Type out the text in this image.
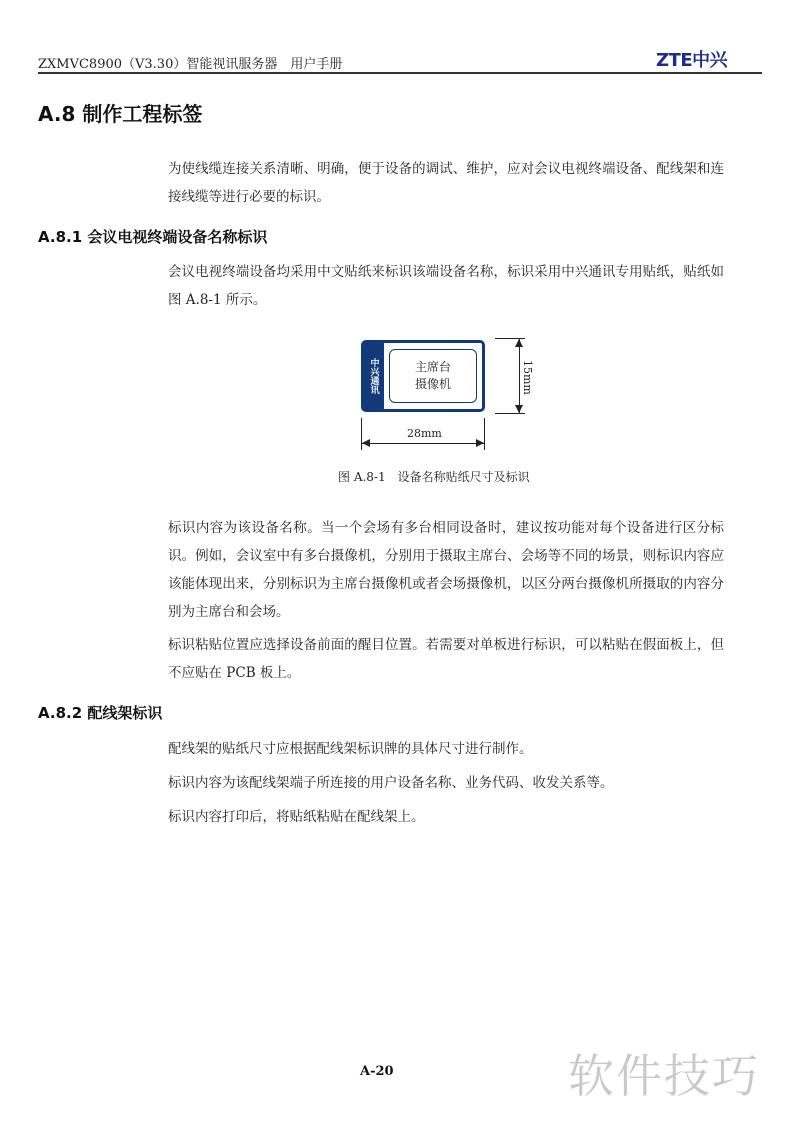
ZXMVC8900（V3.30）智能视讯服务器　用户手册	ZTE中兴
A.8 制作工程标签
为使线缆连接关系清晰、明确，便于设备的调试、维护，应对会议电视终端设备、配线架和连接线缆等进行必要的标识。
A.8.1 会议电视终端设备名称标识
会议电视终端设备均采用中文贴纸来标识该端设备名称，标识采用中兴通讯专用贴纸，贴纸如图 A.8-1 所示。
中兴通讯	主席台
摄像机	15mm
28mm
图 A.8-1　设备名称贴纸尺寸及标识
标识内容为该设备名称。当一个会场有多台相同设备时，建议按功能对每个设备进行区分标识。例如，会议室中有多台摄像机，分别用于摄取主席台、会场等不同的场景，则标识内容应该能体现出来，分别标识为主席台摄像机或者会场摄像机，以区分两台摄像机所摄取的内容分别为主席台和会场。
标识粘贴位置应选择设备前面的醒目位置。若需要对单板进行标识，可以粘贴在假面板上，但不应贴在 PCB 板上。
A.8.2 配线架标识
配线架的贴纸尺寸应根据配线架标识牌的具体尺寸进行制作。
标识内容为该配线架端子所连接的用户设备名称、业务代码、收发关系等。
标识内容打印后，将贴纸粘贴在配线架上。
A-20	软件技巧
